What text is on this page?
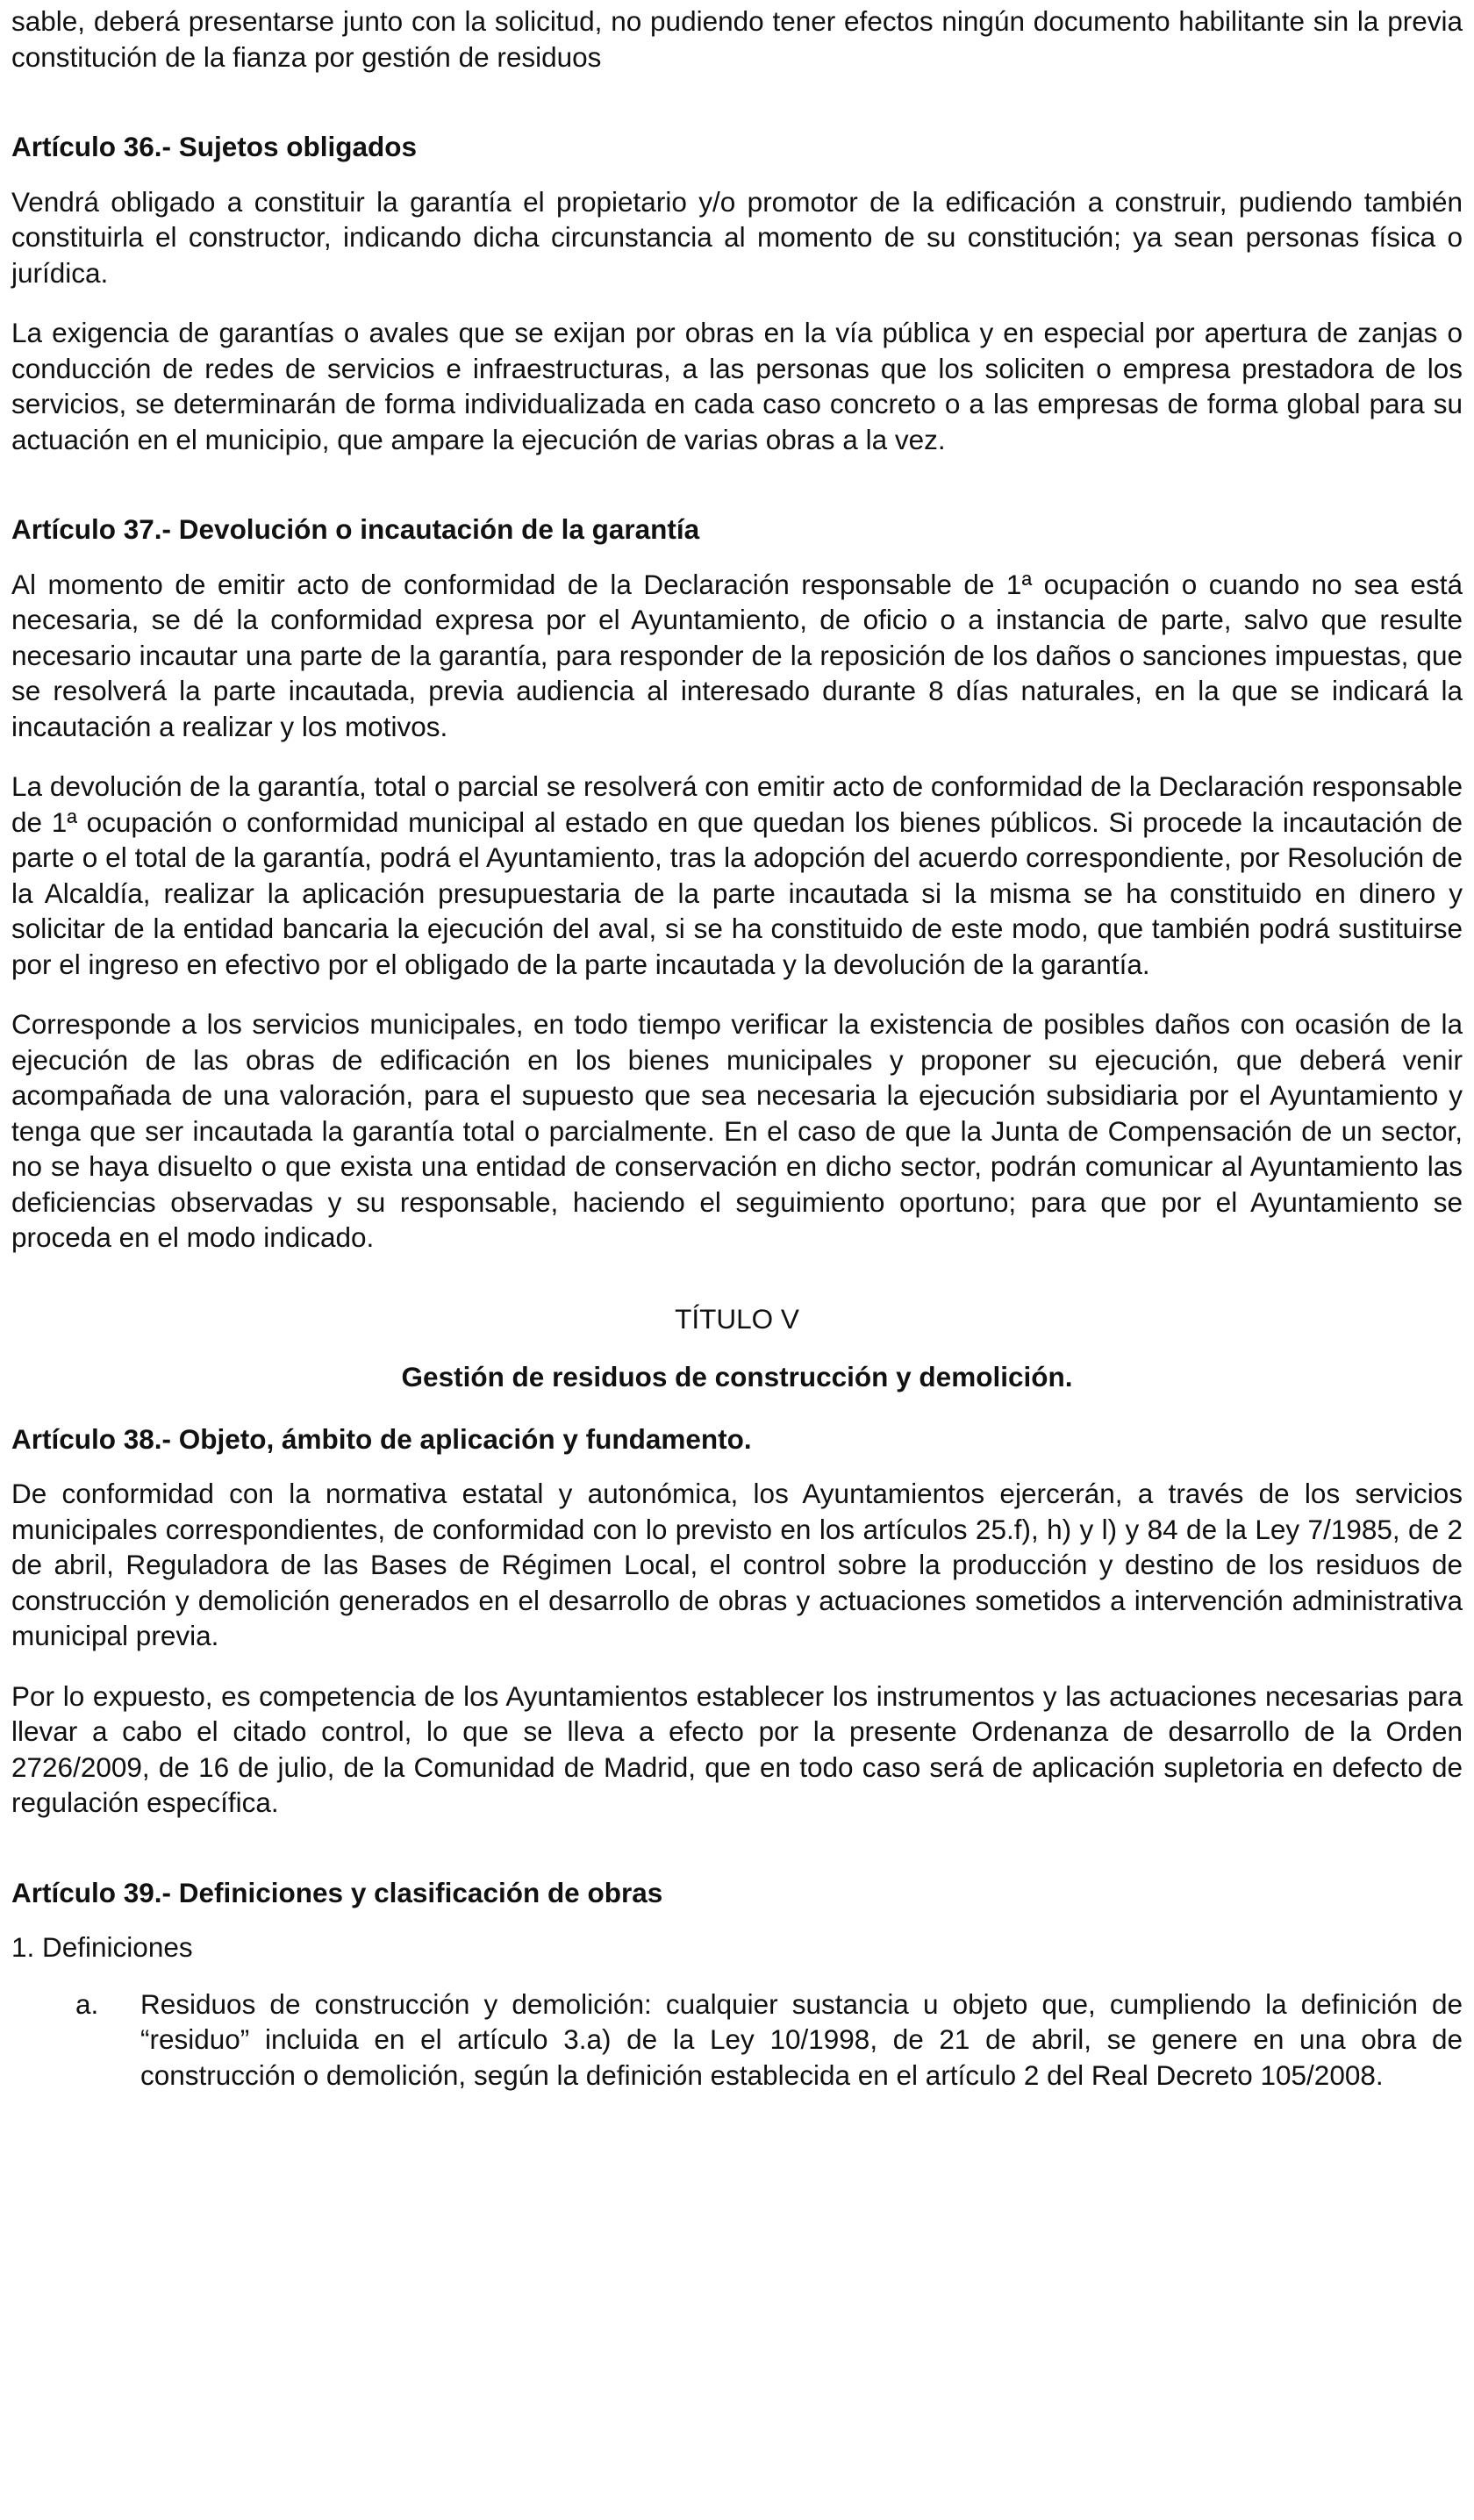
sable, deberá presentarse junto con la solicitud, no pudiendo tener efectos ningún documento habilitante sin la previa constitución de la fianza por gestión de residuos

Artículo 36.- Sujetos obligados

Vendrá obligado a constituir la garantía el propietario y/o promotor de la edificación a construir, pudiendo también constituirla el constructor, indicando dicha circunstancia al momento de su constitución; ya sean personas física o jurídica.

La exigencia de garantías o avales que se exijan por obras en la vía pública y en especial por apertura de zanjas o conducción de redes de servicios e infraestructuras, a las personas que los soliciten o empresa prestadora de los servicios, se determinarán de forma individualizada en cada caso concreto o a las empresas de forma global para su actuación en el municipio, que ampare la ejecución de varias obras a la vez.

Artículo 37.- Devolución o incautación de la garantía

Al momento de emitir acto de conformidad de la Declaración responsable de 1ª ocupación o cuando no sea está necesaria, se dé la conformidad expresa por el Ayuntamiento, de oficio o a instancia de parte, salvo que resulte necesario incautar una parte de la garantía, para responder de la reposición de los daños o sanciones impuestas, que se resolverá la parte incautada, previa audiencia al interesado durante 8 días naturales, en la que se indicará la incautación a realizar y los motivos.

La devolución de la garantía, total o parcial se resolverá con emitir acto de conformidad de la Declaración responsable de 1ª ocupación o conformidad municipal al estado en que quedan los bienes públicos. Si procede la incautación de parte o el total de la garantía, podrá el Ayuntamiento, tras la adopción del acuerdo correspondiente, por Resolución de la Alcaldía, realizar la aplicación presupuestaria de la parte incautada si la misma se ha constituido en dinero y solicitar de la entidad bancaria la ejecución del aval, si se ha constituido de este modo, que también podrá sustituirse por el ingreso en efectivo por el obligado de la parte incautada y la devolución de la garantía.

Corresponde a los servicios municipales, en todo tiempo verificar la existencia de posibles daños con ocasión de la ejecución de las obras de edificación en los bienes municipales y proponer su ejecución, que deberá venir acompañada de una valoración, para el supuesto que sea necesaria la ejecución subsidiaria por el Ayuntamiento y tenga que ser incautada la garantía total o parcialmente. En el caso de que la Junta de Compensación de un sector, no se haya disuelto o que exista una entidad de conservación en dicho sector, podrán comunicar al Ayuntamiento las deficiencias observadas y su responsable, haciendo el seguimiento oportuno; para que por el Ayuntamiento se proceda en el modo indicado.

TÍTULO V

Gestión de residuos de construcción y demolición.

Artículo 38.- Objeto, ámbito de aplicación y fundamento.

De conformidad con la normativa estatal y autonómica, los Ayuntamientos ejercerán, a través de los servicios municipales correspondientes, de conformidad con lo previsto en los artículos 25.f), h) y l) y 84 de la Ley 7/1985, de 2 de abril, Reguladora de las Bases de Régimen Local, el control sobre la producción y destino de los residuos de construcción y demolición generados en el desarrollo de obras y actuaciones sometidos a intervención administrativa municipal previa.

Por lo expuesto, es competencia de los Ayuntamientos establecer los instrumentos y las actuaciones necesarias para llevar a cabo el citado control, lo que se lleva a efecto por la presente Ordenanza de desarrollo de la Orden 2726/2009, de 16 de julio, de la Comunidad de Madrid, que en todo caso será de aplicación supletoria en defecto de regulación específica.

Artículo 39.- Definiciones y clasificación de obras

1. Definiciones

a.	Residuos de construcción y demolición: cualquier sustancia u objeto que, cumpliendo la definición de “residuo” incluida en el artículo 3.a) de la Ley 10/1998, de 21 de abril, se genere en una obra de construcción o demolición, según la definición establecida en el artículo 2 del Real Decreto 105/2008.
